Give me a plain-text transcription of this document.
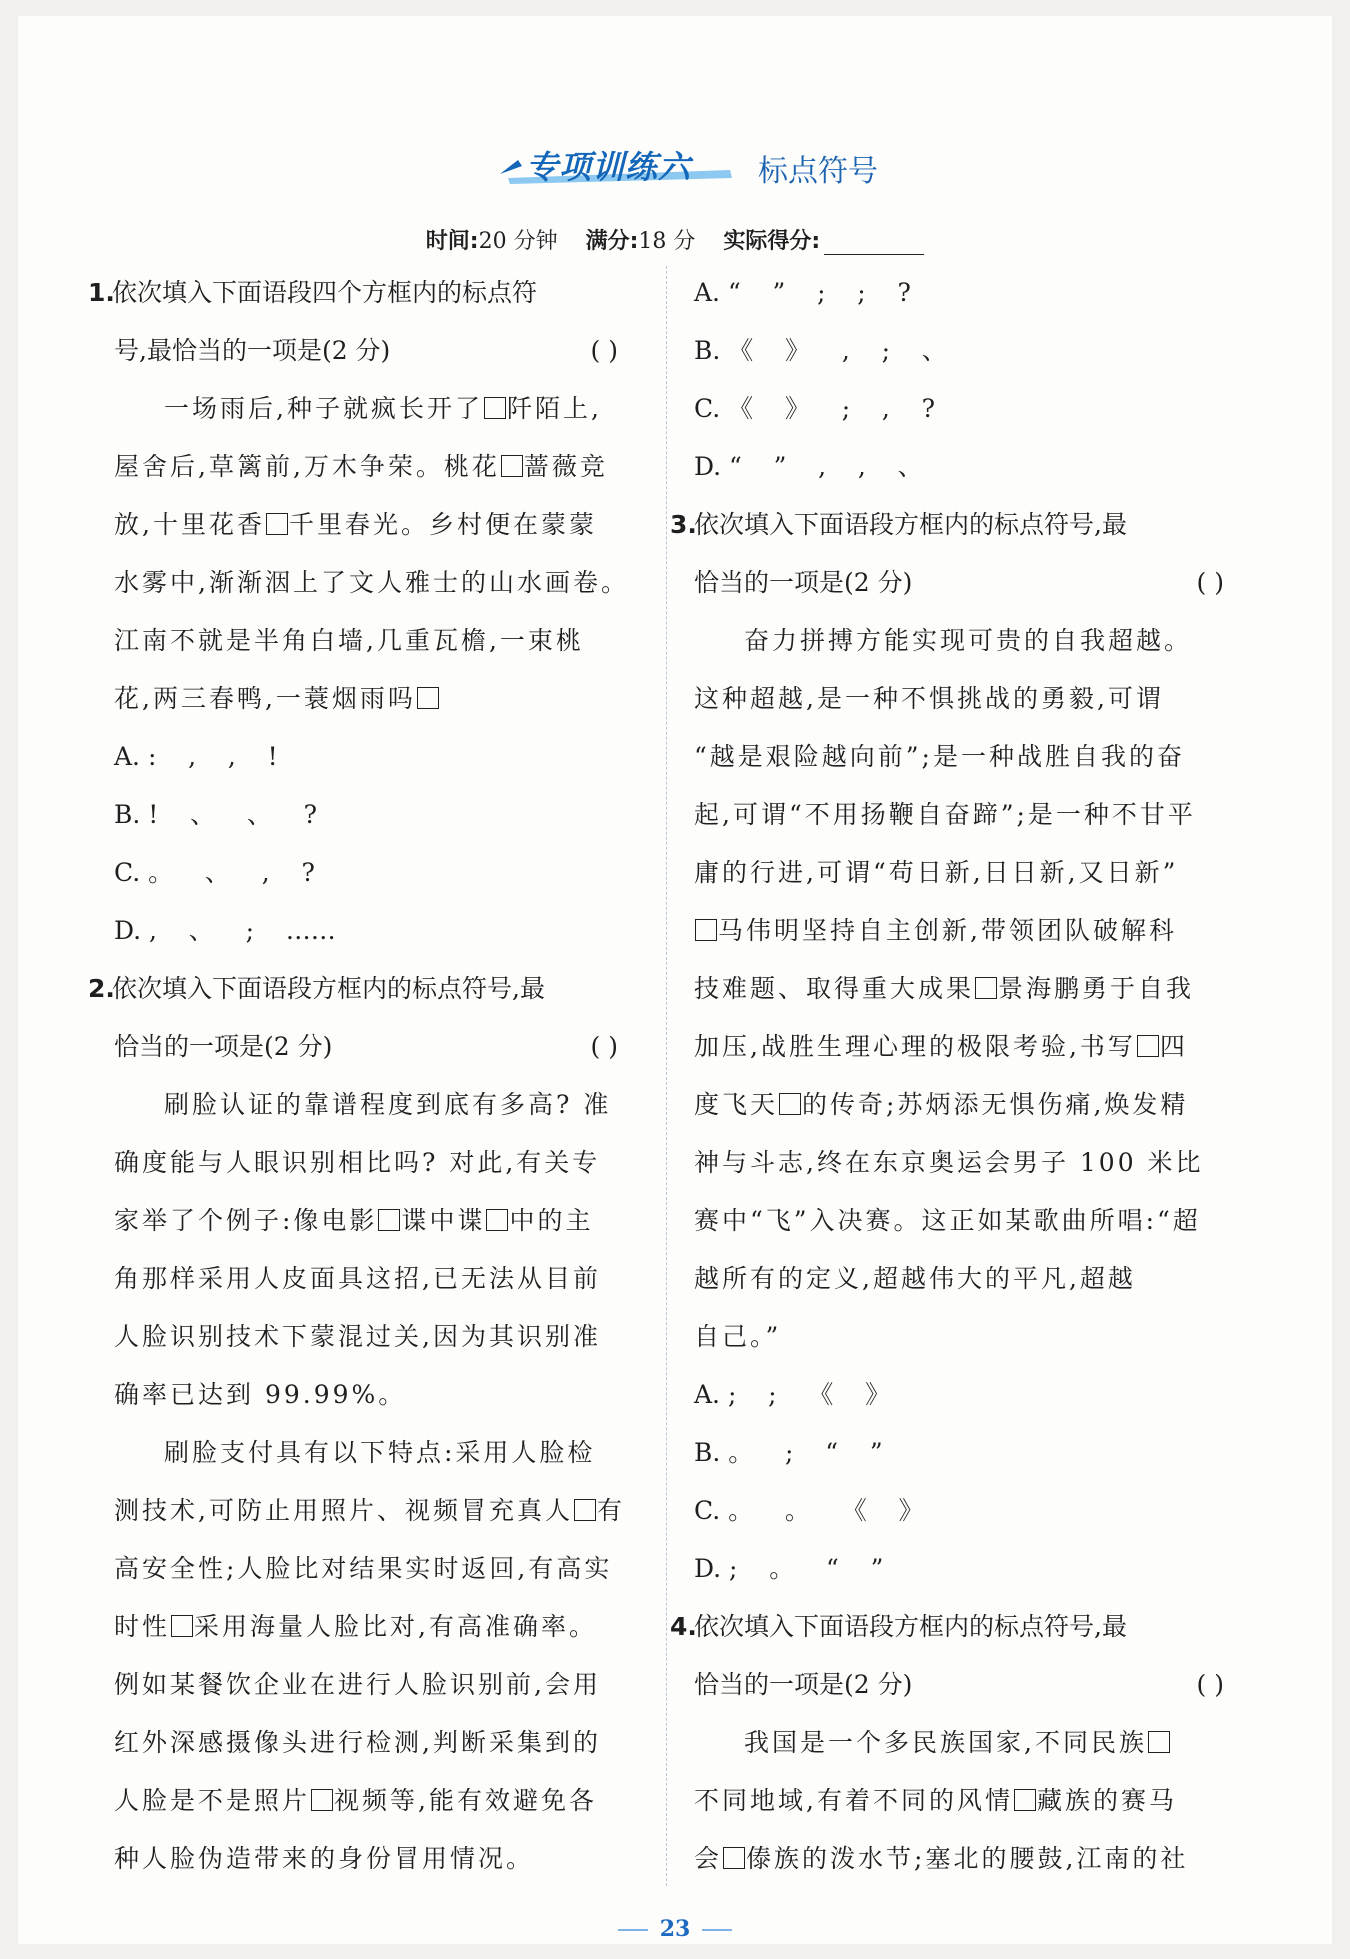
专项训练六 标点符号
时间:20 分钟 满分:18 分 实际得分:
1.依次填入下面语段四个方框内的标点符
号,最恰当的一项是(2 分)	( )
一场雨后,种子就疯长开了 阡陌上,
屋舍后,草篱前,万木争荣。桃花 蔷薇竞
放,十里花香 千里春光。乡村便在蒙蒙
水雾中,渐渐洇上了文人雅士的山水画卷。
江南不就是半角白墙,几重瓦檐,一束桃
花,两三春鸭,一蓑烟雨吗
A. :    ,    ,    !
B. !    、    、    ?
C. 。    、    ,    ?
D. ,    、    ;    ……
2.依次填入下面语段方框内的标点符号,最
恰当的一项是(2 分)	( )
刷脸认证的靠谱程度到底有多高? 准
确度能与人眼识别相比吗? 对此,有关专
家举了个例子:像电影 谍中谍 中的主
角那样采用人皮面具这招,已无法从目前
人脸识别技术下蒙混过关,因为其识别准
确率已达到 99.99%。
刷脸支付具有以下特点:采用人脸检
测技术,可防止用照片、视频冒充真人 有
高安全性;人脸比对结果实时返回,有高实
时性 采用海量人脸比对,有高准确率。
例如某餐饮企业在进行人脸识别前,会用
红外深感摄像头进行检测,判断采集到的
人脸是不是照片 视频等,能有效避免各
种人脸伪造带来的身份冒用情况。
A. “    ”    ;    ;    ?
B. 《    》    ,    ;    、
C. 《    》    ;    ,    ?
D. “    ”    ,    ,    、
3.依次填入下面语段方框内的标点符号,最
恰当的一项是(2 分)	( )
奋力拼搏方能实现可贵的自我超越。
这种超越,是一种不惧挑战的勇毅,可谓
“越是艰险越向前”;是一种战胜自我的奋
起,可谓“不用扬鞭自奋蹄”;是一种不甘平
庸的行进,可谓“苟日新,日日新,又日新”
马伟明坚持自主创新,带领团队破解科
技难题、取得重大成果 景海鹏勇于自我
加压,战胜生理心理的极限考验,书写 四
度飞天 的传奇;苏炳添无惧伤痛,焕发精
神与斗志,终在东京奥运会男子 100 米比
赛中“飞”入决赛。这正如某歌曲所唱:“超
越所有的定义,超越伟大的平凡,超越
自己。”
A. ;    ;    《    》
B. 。    ;    “    ”
C. 。    。    《    》
D. ;    。    “    ”
4.依次填入下面语段方框内的标点符号,最
恰当的一项是(2 分)	( )
我国是一个多民族国家,不同民族
不同地域,有着不同的风情 藏族的赛马
会 傣族的泼水节;塞北的腰鼓,江南的社
23
